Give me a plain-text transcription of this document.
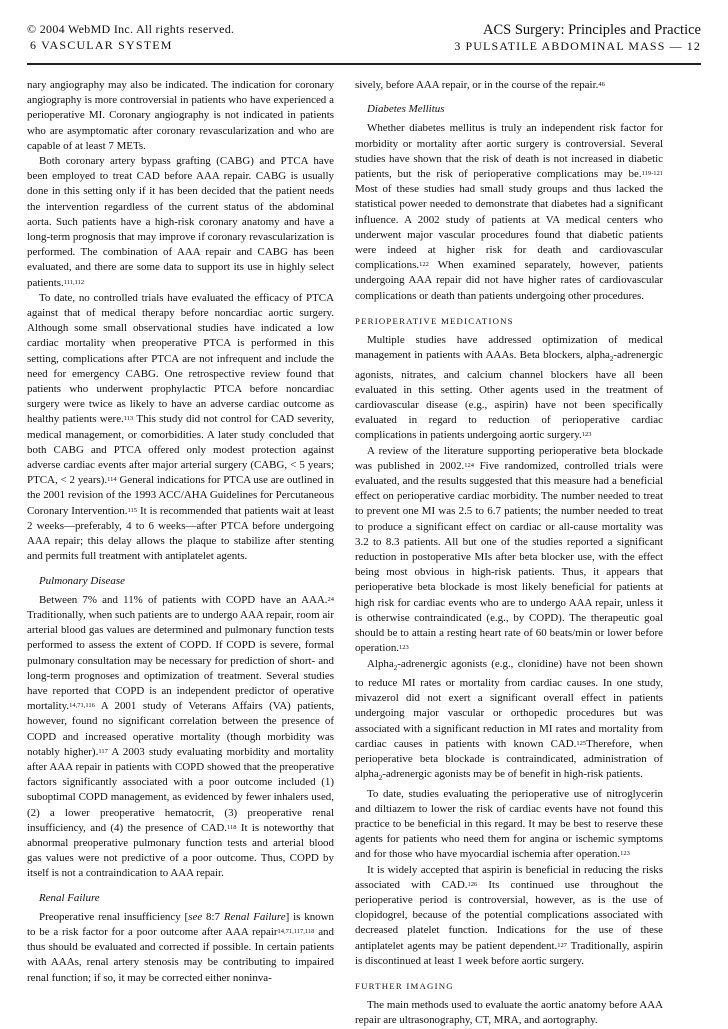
© 2004 WebMD Inc. All rights reserved.
6 VASCULAR SYSTEM
ACS Surgery: Principles and Practice
3 PULSATILE ABDOMINAL MASS — 12

nary angiography may also be indicated. The indication for coronary angiography is more controversial in patients who have experienced a perioperative MI. Coronary angiography is not indicated in patients who are asymptomatic after coronary revascularization and who are capable of at least 7 METs.

Both coronary artery bypass grafting (CABG) and PTCA have been employed to treat CAD before AAA repair. CABG is usually done in this setting only if it has been decided that the patient needs the intervention regardless of the current status of the abdominal aorta. Such patients have a high-risk coronary anatomy and have a long-term prognosis that may improve if coronary revascularization is performed. The combination of AAA repair and CABG has been evaluated, and there are some data to support its use in highly select patients.$^{111,112}$

To date, no controlled trials have evaluated the efficacy of PTCA against that of medical therapy before noncardiac aortic surgery. Although some small observational studies have indicated a low cardiac mortality when preoperative PTCA is performed in this setting, complications after PTCA are not infrequent and include the need for emergency CABG. One retrospective review found that patients who underwent prophylactic PTCA before noncardiac surgery were twice as likely to have an adverse cardiac outcome as healthy patients were.$^{113}$ This study did not control for CAD severity, medical management, or comorbidities. A later study concluded that both CABG and PTCA offered only modest protection against adverse cardiac events after major arterial surgery (CABG, < 5 years; PTCA, < 2 years).$^{114}$ General indications for PTCA use are outlined in the 2001 revision of the 1993 ACC/AHA Guidelines for Percutaneous Coronary Intervention.$^{115}$ It is recommended that patients wait at least 2 weeks—preferably, 4 to 6 weeks—after PTCA before undergoing AAA repair; this delay allows the plaque to stabilize after stenting and permits full treatment with antiplatelet agents.

Pulmonary Disease

Between 7% and 11% of patients with COPD have an AAA.$^{24}$ Traditionally, when such patients are to undergo AAA repair, room air arterial blood gas values are determined and pulmonary function tests performed to assess the extent of COPD. If COPD is severe, formal pulmonary consultation may be necessary for prediction of short- and long-term prognoses and optimization of treatment. Several studies have reported that COPD is an independent predictor of operative mortality.$^{14,71,116}$ A 2001 study of Veterans Affairs (VA) patients, however, found no significant correlation between the presence of COPD and increased operative mortality (though morbidity was notably higher).$^{117}$ A 2003 study evaluating morbidity and mortality after AAA repair in patients with COPD showed that the preoperative factors significantly associated with a poor outcome included (1) suboptimal COPD management, as evidenced by fewer inhalers used, (2) a lower preoperative hematocrit, (3) preoperative renal insufficiency, and (4) the presence of CAD.$^{118}$ It is noteworthy that abnormal preoperative pulmonary function tests and arterial blood gas values were not predictive of a poor outcome. Thus, COPD by itself is not a contraindication to AAA repair.

Renal Failure

Preoperative renal insufficiency [see 8:7 Renal Failure] is known to be a risk factor for a poor outcome after AAA repair$^{14,71,117,118}$ and thus should be evaluated and corrected if possible. In certain patients with AAAs, renal artery stenosis may be contributing to impaired renal function; if so, it may be corrected either noninva-

sively, before AAA repair, or in the course of the repair.$^{46}$

Diabetes Mellitus

Whether diabetes mellitus is truly an independent risk factor for morbidity or mortality after aortic surgery is controversial. Several studies have shown that the risk of death is not increased in diabetic patients, but the risk of perioperative complications may be.$^{119-121}$ Most of these studies had small study groups and thus lacked the statistical power needed to demonstrate that diabetes had a significant influence. A 2002 study of patients at VA medical centers who underwent major vascular procedures found that diabetic patients were indeed at higher risk for death and cardiovascular complications.$^{122}$ When examined separately, however, patients undergoing AAA repair did not have higher rates of cardiovascular complications or death than patients undergoing other procedures.

PERIOPERATIVE MEDICATIONS

Multiple studies have addressed optimization of medical management in patients with AAAs. Beta blockers, alpha$_2$-adrenergic agonists, nitrates, and calcium channel blockers have all been evaluated in this setting. Other agents used in the treatment of cardiovascular disease (e.g., aspirin) have not been specifically evaluated in regard to reduction of perioperative cardiac complications in patients undergoing aortic surgery.$^{123}$

A review of the literature supporting perioperative beta blockade was published in 2002.$^{124}$ Five randomized, controlled trials were evaluated, and the results suggested that this measure had a beneficial effect on perioperative cardiac morbidity. The number needed to treat to prevent one MI was 2.5 to 6.7 patients; the number needed to treat to produce a significant effect on cardiac or all-cause mortality was 3.2 to 8.3 patients. All but one of the studies reported a significant reduction in postoperative MIs after beta blocker use, with the effect being most obvious in high-risk patients. Thus, it appears that perioperative beta blockade is most likely beneficial for patients at high risk for cardiac events who are to undergo AAA repair, unless it is otherwise contraindicated (e.g., by COPD). The therapeutic goal should be to attain a resting heart rate of 60 beats/min or lower before operation.$^{123}$

Alpha$_2$-adrenergic agonists (e.g., clonidine) have not been shown to reduce MI rates or mortality from cardiac causes. In one study, mivazerol did not exert a significant overall effect in patients undergoing major vascular or orthopedic procedures but was associated with a significant reduction in MI rates and mortality from cardiac causes in patients with known CAD.$^{125}$Therefore, when perioperative beta blockade is contraindicated, administration of alpha$_2$-adrenergic agonists may be of benefit in high-risk patients.

To date, studies evaluating the perioperative use of nitroglycerin and diltiazem to lower the risk of cardiac events have not found this practice to be beneficial in this regard. It may be best to reserve these agents for patients who need them for angina or ischemic symptoms and for those who have myocardial ischemia after operation.$^{123}$

It is widely accepted that aspirin is beneficial in reducing the risks associated with CAD.$^{126}$ Its continued use throughout the perioperative period is controversial, however, as is the use of clopidogrel, because of the potential complications associated with decreased platelet function. Indications for the use of these antiplatelet agents may be patient dependent.$^{127}$ Traditionally, aspirin is discontinued at least 1 week before aortic surgery.

FURTHER IMAGING

The main methods used to evaluate the aortic anatomy before AAA repair are ultrasonography, CT, MRA, and aortography.
